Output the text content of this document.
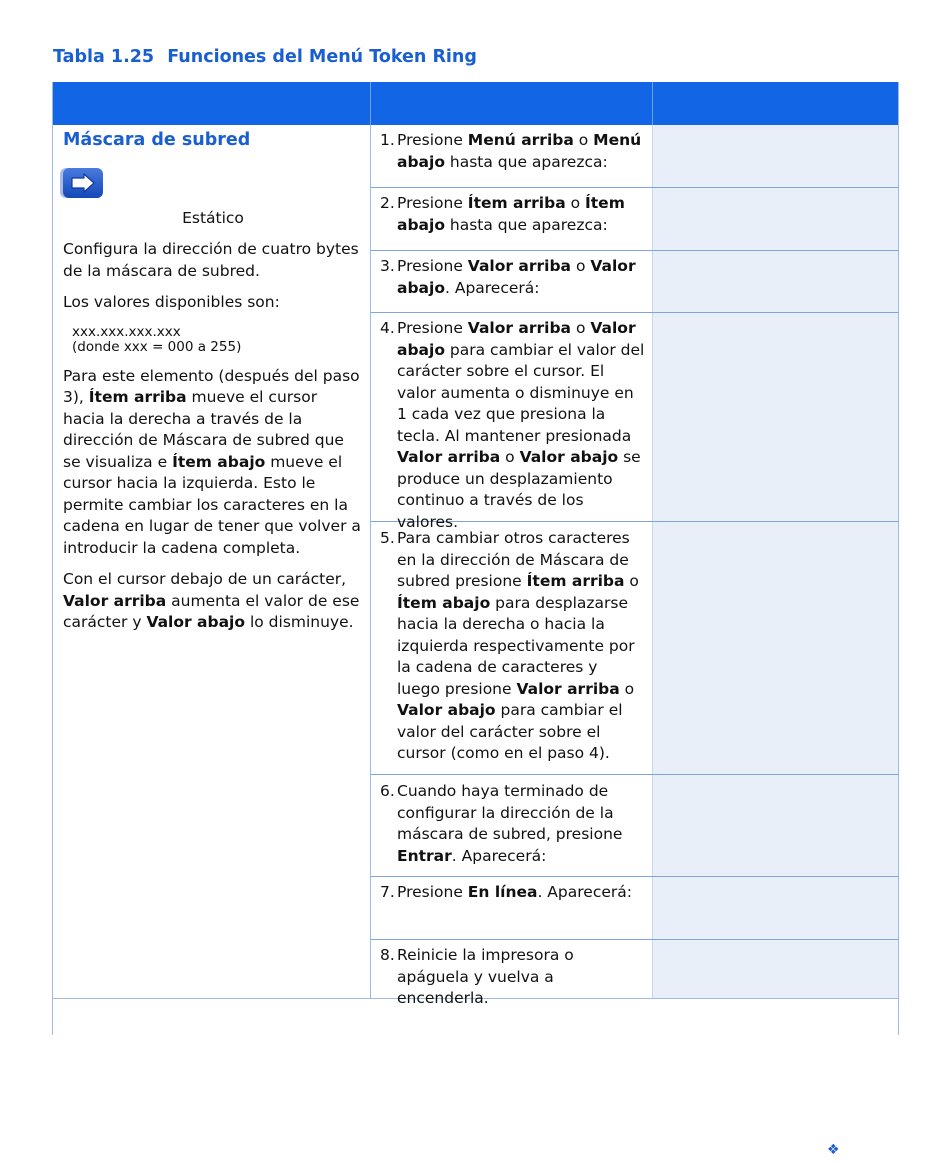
Tabla 1.25 Funciones del Menú Token Ring
Máscara de subred
Estático

Configura la dirección de cuatro bytes de la máscara de subred.

Los valores disponibles son:

xxx.xxx.xxx.xxx
(donde xxx = 000 a 255)

Para este elemento (después del paso 3), Ítem arriba mueve el cursor hacia la derecha a través de la dirección de Máscara de subred que se visualiza e Ítem abajo mueve el cursor hacia la izquierda. Esto le permite cambiar los caracteres en la cadena en lugar de tener que volver a introducir la cadena completa.

Con el cursor debajo de un carácter, Valor arriba aumenta el valor de ese carácter y Valor abajo lo disminuye.

1. Presione Menú arriba o Menú abajo hasta que aparezca:
2. Presione Ítem arriba o Ítem abajo hasta que aparezca:
3. Presione Valor arriba o Valor abajo. Aparecerá:
4. Presione Valor arriba o Valor abajo para cambiar el valor del carácter sobre el cursor. El valor aumenta o disminuye en 1 cada vez que presiona la tecla. Al mantener presionada Valor arriba o Valor abajo se produce un desplazamiento continuo a través de los valores.
5. Para cambiar otros caracteres en la dirección de Máscara de subred presione Ítem arriba o Ítem abajo para desplazarse hacia la derecha o hacia la izquierda respectivamente por la cadena de caracteres y luego presione Valor arriba o Valor abajo para cambiar el valor del carácter sobre el cursor (como en el paso 4).
6. Cuando haya terminado de configurar la dirección de la máscara de subred, presione Entrar. Aparecerá:
7. Presione En línea. Aparecerá:
8. Reinicie la impresora o apáguela y vuelva a encenderla.
❖
